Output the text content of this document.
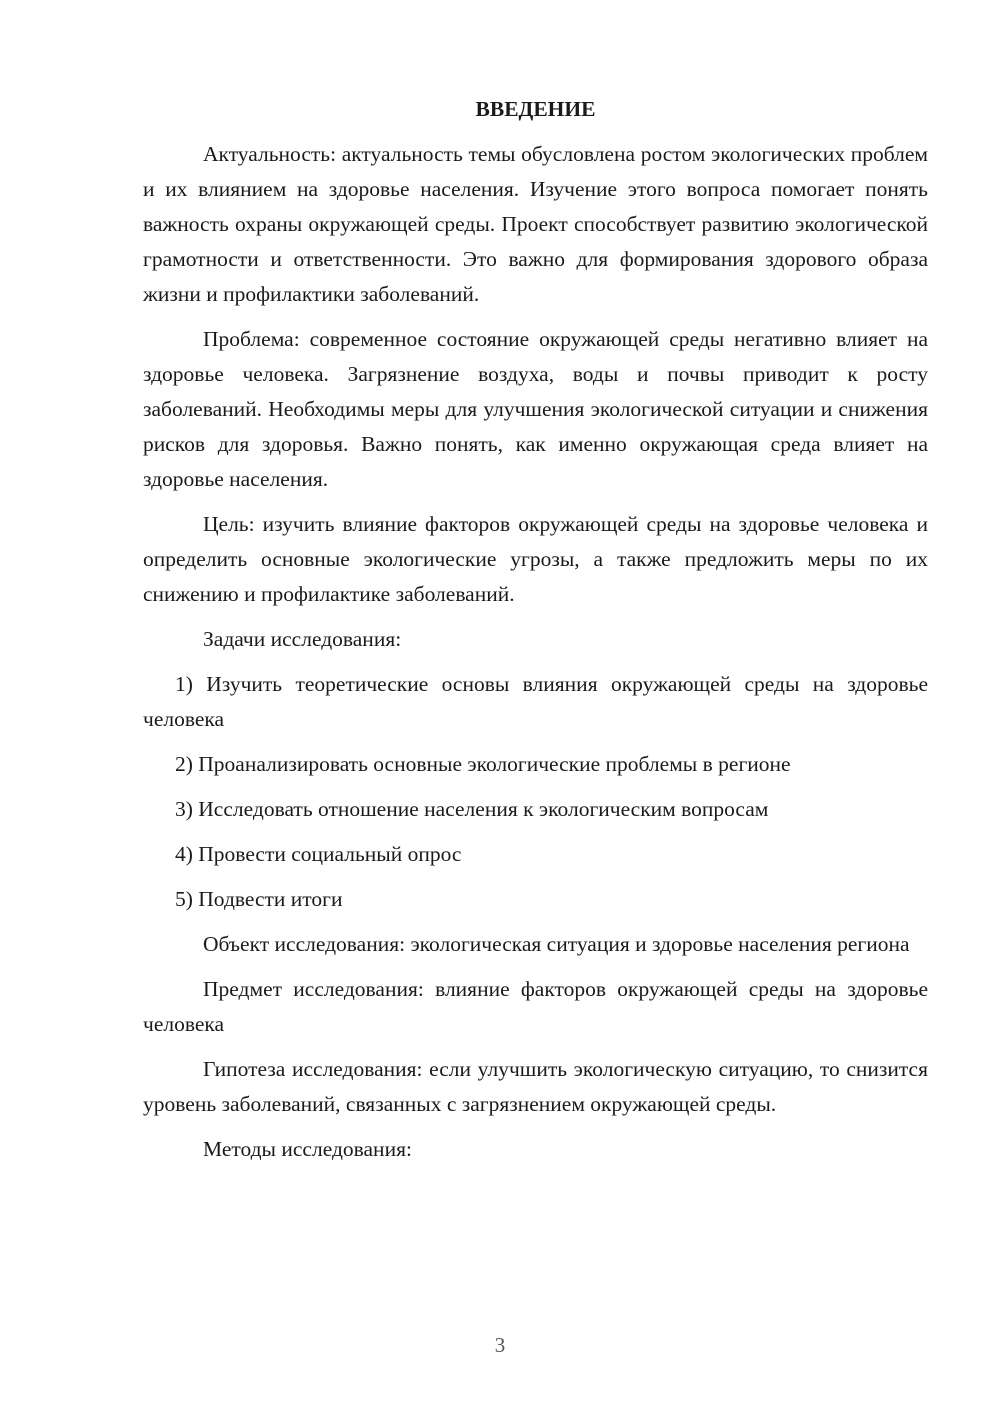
ВВЕДЕНИЕ

Актуальность: актуальность темы обусловлена ростом экологических проблем и их влиянием на здоровье населения. Изучение этого вопроса помогает понять важность охраны окружающей среды. Проект способствует развитию экологической грамотности и ответственности. Это важно для формирования здорового образа жизни и профилактики заболеваний.

Проблема: современное состояние окружающей среды негативно влияет на здоровье человека. Загрязнение воздуха, воды и почвы приводит к росту заболеваний. Необходимы меры для улучшения экологической ситуации и снижения рисков для здоровья. Важно понять, как именно окружающая среда влияет на здоровье населения.

Цель: изучить влияние факторов окружающей среды на здоровье человека и определить основные экологические угрозы, а также предложить меры по их снижению и профилактике заболеваний.

Задачи исследования:

1) Изучить теоретические основы влияния окружающей среды на здоровье человека

2) Проанализировать основные экологические проблемы в регионе

3) Исследовать отношение населения к экологическим вопросам

4) Провести социальный опрос

5) Подвести итоги

Объект исследования: экологическая ситуация и здоровье населения региона

Предмет исследования: влияние факторов окружающей среды на здоровье человека

Гипотеза исследования: если улучшить экологическую ситуацию, то снизится уровень заболеваний, связанных с загрязнением окружающей среды.

Методы исследования:

3
